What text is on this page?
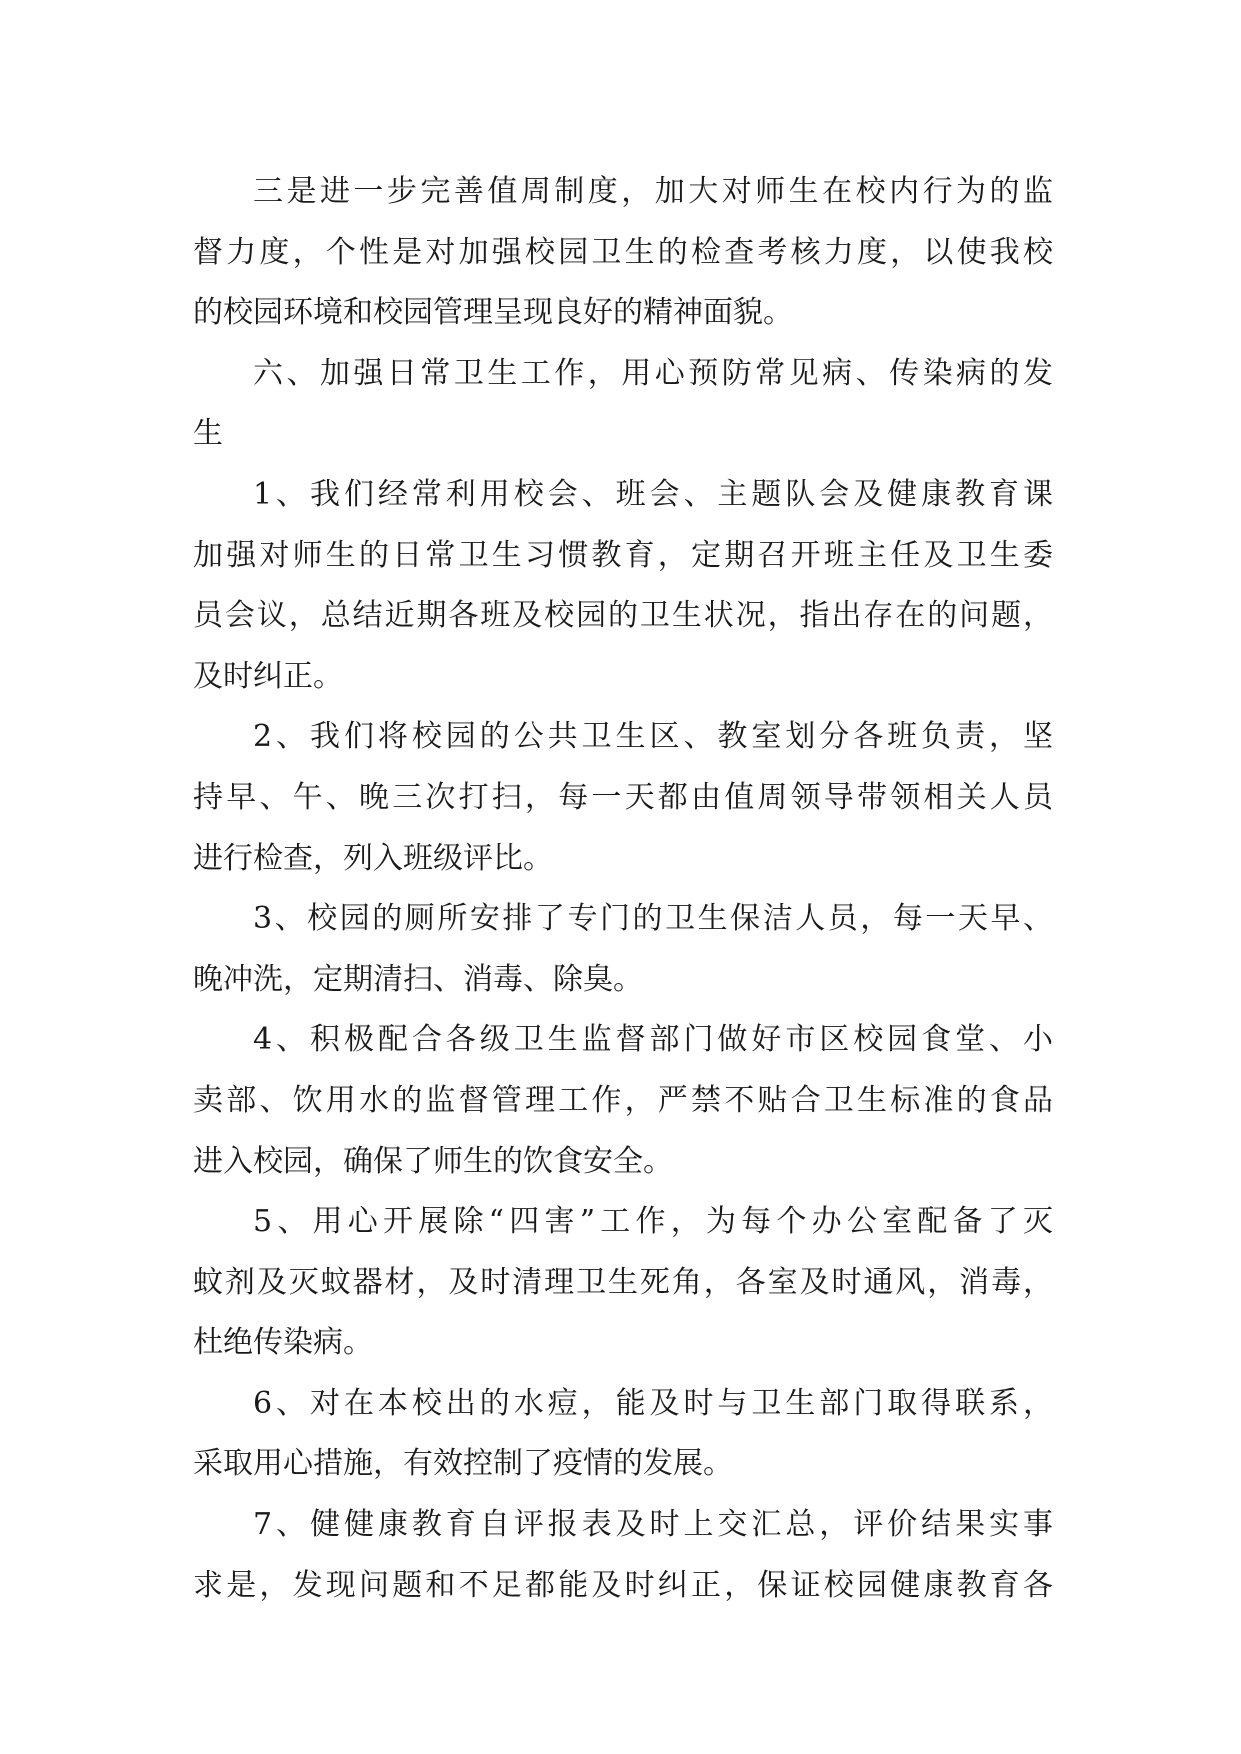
三是进一步完善值周制度，加大对师生在校内行为的监
督力度，个性是对加强校园卫生的检查考核力度，以使我校
的校园环境和校园管理呈现良好的精神面貌。
六、加强日常卫生工作，用心预防常见病、传染病的发
生
1、我们经常利用校会、班会、主题队会及健康教育课
加强对师生的日常卫生习惯教育，定期召开班主任及卫生委
员会议，总结近期各班及校园的卫生状况，指出存在的问题，
及时纠正。
2、我们将校园的公共卫生区、教室划分各班负责，坚
持早、午、晚三次打扫，每一天都由值周领导带领相关人员
进行检查，列入班级评比。
3、校园的厕所安排了专门的卫生保洁人员，每一天早、
晚冲洗，定期清扫、消毒、除臭。
4、积极配合各级卫生监督部门做好市区校园食堂、小
卖部、饮用水的监督管理工作，严禁不贴合卫生标准的食品
进入校园，确保了师生的饮食安全。
5、用心开展除“四害”工作，为每个办公室配备了灭
蚊剂及灭蚊器材，及时清理卫生死角，各室及时通风，消毒，
杜绝传染病。
6、对在本校出的水痘，能及时与卫生部门取得联系，
采取用心措施，有效控制了疫情的发展。
7、健健康教育自评报表及时上交汇总，评价结果实事
求是，发现问题和不足都能及时纠正，保证校园健康教育各
